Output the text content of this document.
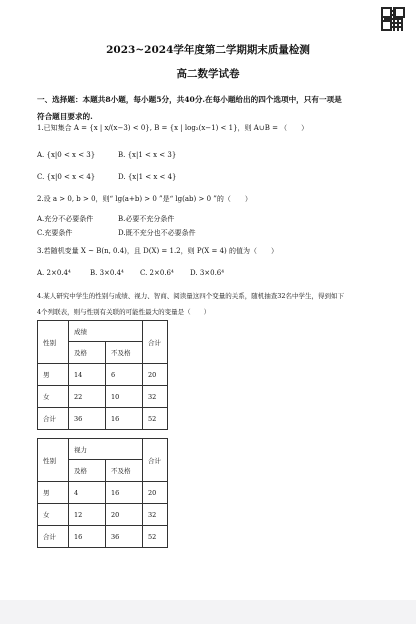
2023~2024学年度第二学期期末质量检测
高二数学试卷
一、选择题：本题共8小题，每小题5分，共40分.在每小题给出的四个选项中，只有一项是
符合题目要求的.
1.已知集合 A = {x | x/(x−3) < 0}, B = {x | log₂(x−1) < 1}，则 A∪B = （　　）
A. {x|0 < x < 3}	B. {x|1 < x < 3}
C. {x|0 < x < 4}	D. {x|1 < x < 4}
2.设 a > 0, b > 0，则“ lg(a+b) > 0 ”是“ lg(ab) > 0 ”的（　　）
A.充分不必要条件	B.必要不充分条件
C.充要条件	D.既不充分也不必要条件
3.若随机变量 X ~ B(n, 0.4)，且 D(X) = 1.2，则 P(X = 4) 的值为（　　）
A. 2×0.4⁴	B. 3×0.4⁴ C. 2×0.6⁴ D. 3×0.6⁴
4.某人研究中学生的性别与成绩、视力、智商、阅读量这四个变量的关系，随机抽查32名中学生，得到如下
4个列联表，则与性别有关联的可能性最大的变量是（　　）
性别	成绩		合计
	及格	不及格	
男	14	6	20
女	22	10	32
合计	36	16	52
性别	视力		合计
	及格	不及格	
男	4	16	20
女	12	20	32
合计	16	36	52
